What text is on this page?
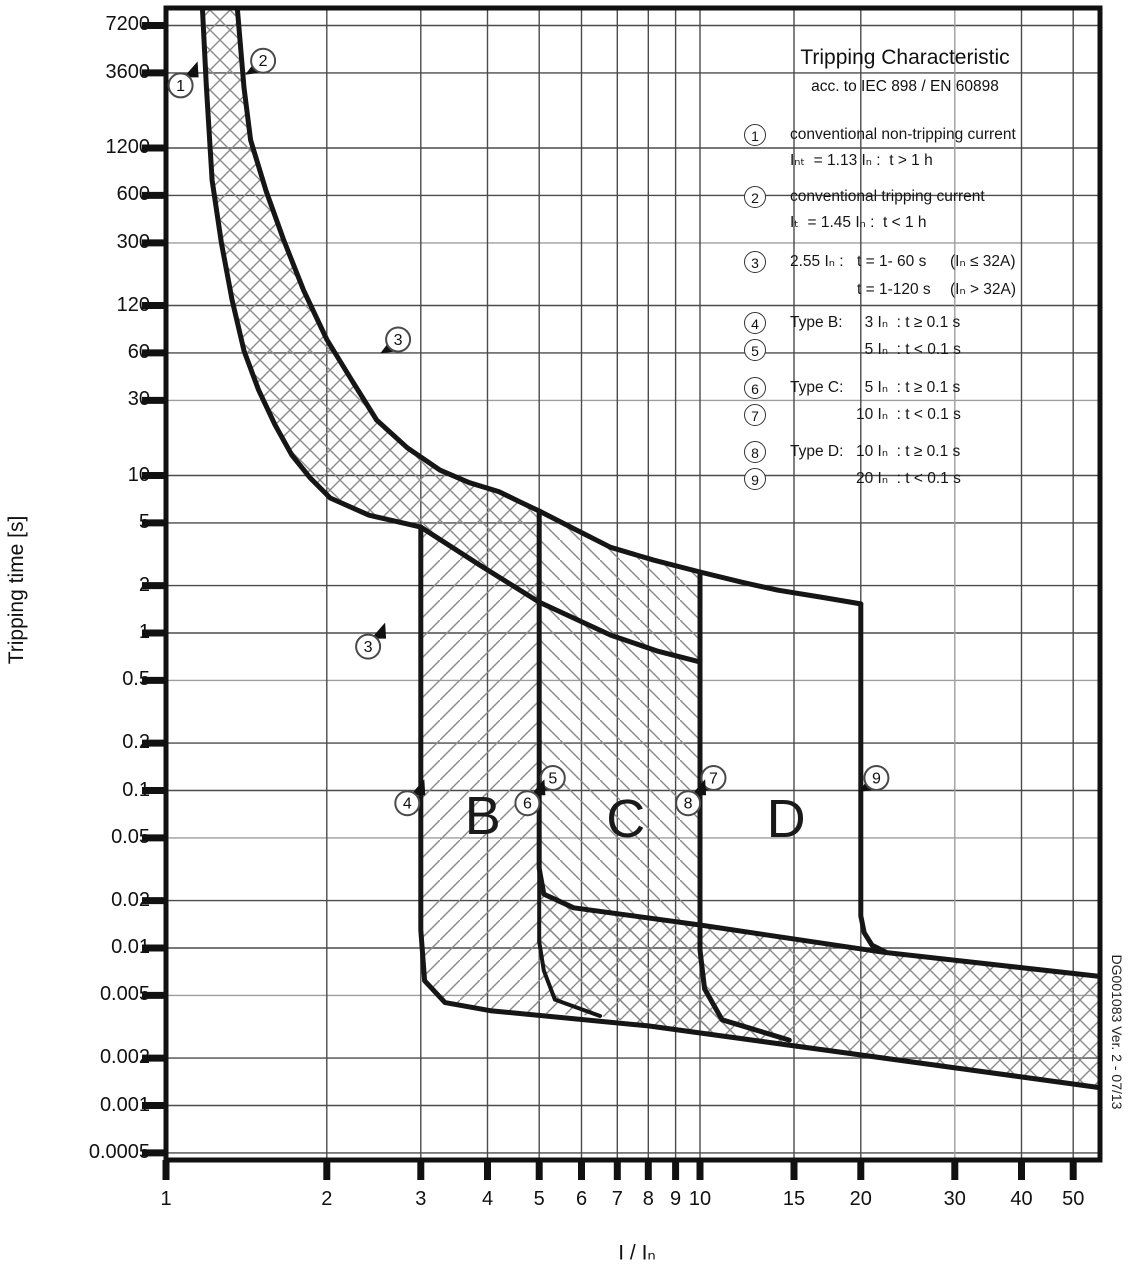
1
2
3
3
4
5
6
7
8
9
7200
3600
1200
600
300
120
60
30
10
5
2
1
0.5
0.2
0.1
0.05
0.02
0.01
0.005
0.002
0.001
0.0005
1	2	3	4	5	6	7 8 9 10	15	20	30	40	50
B C D
Tripping Characteristic
acc. to IEC 898 / EN 60898
Tripping time [s]
I / Iₙ
DG001083 Ver. 2 - 07/13
1	conventional non-tripping current
Iₙₜ  = 1.13 Iₙ :  t > 1 h
2	conventional tripping current
Iₜ  = 1.45 Iₙ :  t < 1 h
3	2.55 Iₙ : t = 1- 60 s (Iₙ ≤ 32A)
t = 1-120 s (Iₙ > 32A)
4	Type B: 3 Iₙ  : t ≥ 0.1 s
5	5 Iₙ  : t < 0.1 s
6	Type C: 5 Iₙ  : t ≥ 0.1 s
7	10 Iₙ  : t < 0.1 s
8	Type D: 10 Iₙ  : t ≥ 0.1 s
9	20 Iₙ  : t < 0.1 s
